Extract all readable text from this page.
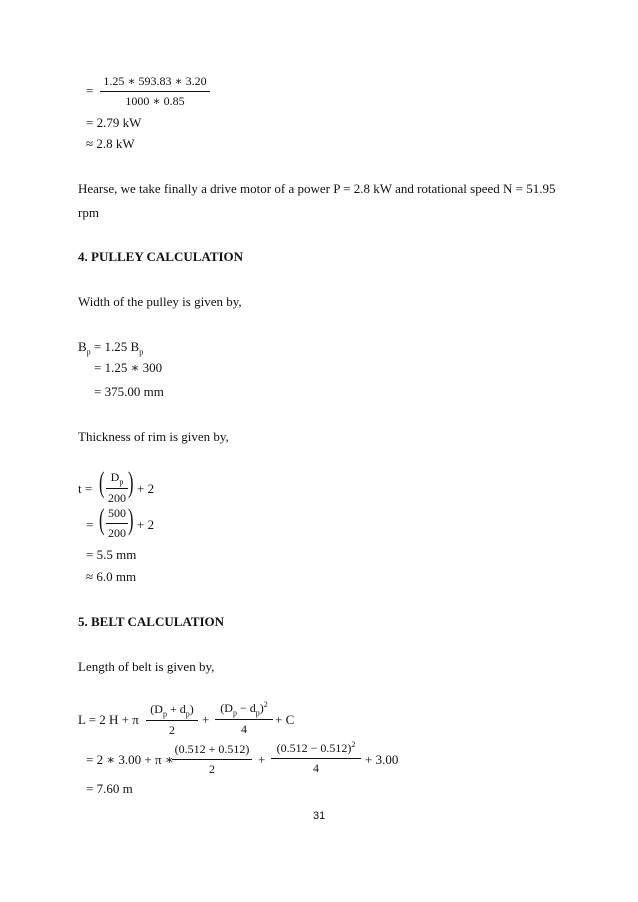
=
1.25 ∗ 593.83 ∗ 3.20
1000 ∗ 0.85
= 2.79 kW
≈ 2.8 kW
Hearse, we take finally a drive motor of a power P = 2.8 kW and rotational speed N = 51.95
rpm
4. PULLEY CALCULATION
Width of the pulley is given by,
$B_p = 1.25$ $B_p$
= 1.25 ∗ 300
= 375.00 mm
Thickness of rim is given by,
t = ( $D_p$
200 ) + 2
= ( 500
200 ) + 2
= 5.5 mm
≈ 6.0 mm
5. BELT CALCULATION
Length of belt is given by,
L = 2 H + π
$(D_p + d_p)$
2
+
$(D_p - d_p)^2$
4
+ C
= 2 ∗ 3.00 + π ∗
(0.512 + 0.512)
2
+
$(0.512 - 0.512)^2$
4
+ 3.00
= 7.60 m
31
